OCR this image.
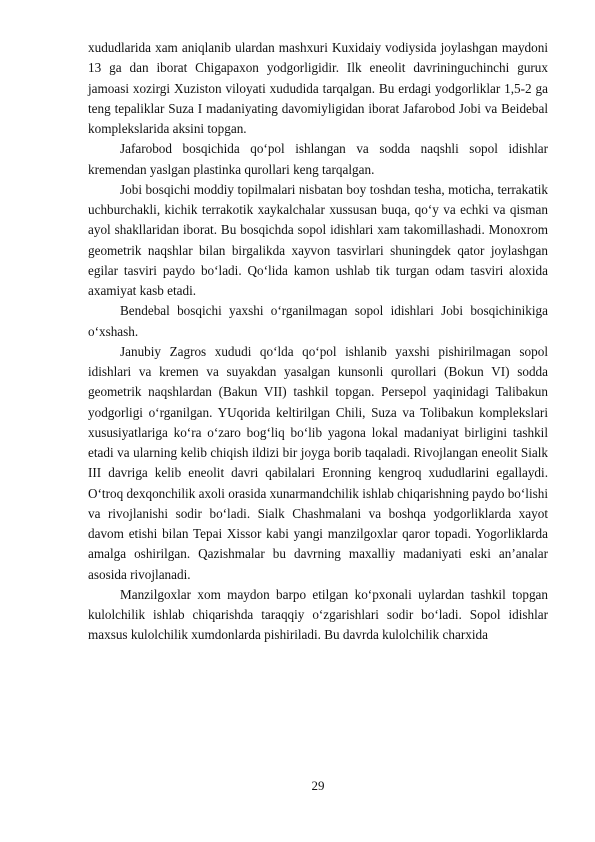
xududlarida xam aniqlanib ulardan mashxuri Kuxidaiy vodiysida joylashgan maydoni 13 ga dan iborat Chigapaxon yodgorligidir. Ilk eneolit davrininguchinchi gurux jamoasi xozirgi Xuziston viloyati xududida tarqalgan. Bu erdagi yodgorliklar 1,5-2 ga teng tepaliklar Suza I madaniyating davomiyligidan iborat Jafarobod Jobi va Beidebal komplekslarida aksini topgan.

Jafarobod bosqichida qo‘pol ishlangan va sodda naqshli sopol idishlar kremendan yaslgan plastinka qurollari keng tarqalgan.

Jobi bosqichi moddiy topilmalari nisbatan boy toshdan tesha, moticha, terrakatik uchburchakli, kichik terrakotik xaykalchalar xussusan buqa, qo‘y va echki va qisman ayol shakllaridan iborat. Bu bosqichda sopol idishlari xam takomillashadi. Monoxrom geometrik naqshlar bilan birgalikda xayvon tasvirlari shuningdek qator joylashgan egilar tasviri paydo bo‘ladi. Qo‘lida kamon ushlab tik turgan odam tasviri aloxida axamiyat kasb etadi.

Bendebal bosqichi yaxshi o‘rganilmagan sopol idishlari Jobi bosqichinikiga o‘xshash.

Janubiy Zagros xududi qo‘lda qo‘pol ishlanib yaxshi pishirilmagan sopol idishlari va kremen va suyakdan yasalgan kunsonli qurollari (Bokun VI) sodda geometrik naqshlardan (Bakun VII) tashkil topgan. Persepol yaqinidagi Talibakun yodgorligi o‘rganilgan. YUqorida keltirilgan Chili, Suza va Tolibakun komplekslari xususiyatlariga ko‘ra o‘zaro bog‘liq bo‘lib yagona lokal madaniyat birligini tashkil etadi va ularning kelib chiqish ildizi bir joyga borib taqaladi. Rivojlangan eneolit Sialk III davriga kelib eneolit davri qabilalari Eronning kengroq xududlarini egallaydi. O‘troq dexqonchilik axoli orasida xunarmandchilik ishlab chiqarishning paydo bo‘lishi va rivojlanishi sodir bo‘ladi. Sialk Chashmalani va boshqa yodgorliklarda xayot davom etishi bilan Tepai Xissor kabi yangi manzilgoxlar qaror topadi. Yogorliklarda amalga oshirilgan. Qazishmalar bu davrning maxalliy madaniyati eski an’analar asosida rivojlanadi.

Manzilgoxlar xom maydon barpo etilgan ko‘pxonali uylardan tashkil topgan kulolchilik ishlab chiqarishda taraqqiy o‘zgarishlari sodir bo‘ladi. Sopol idishlar maxsus kulolchilik xumdonlarda pishiriladi. Bu davrda kulolchilik charxida

29
